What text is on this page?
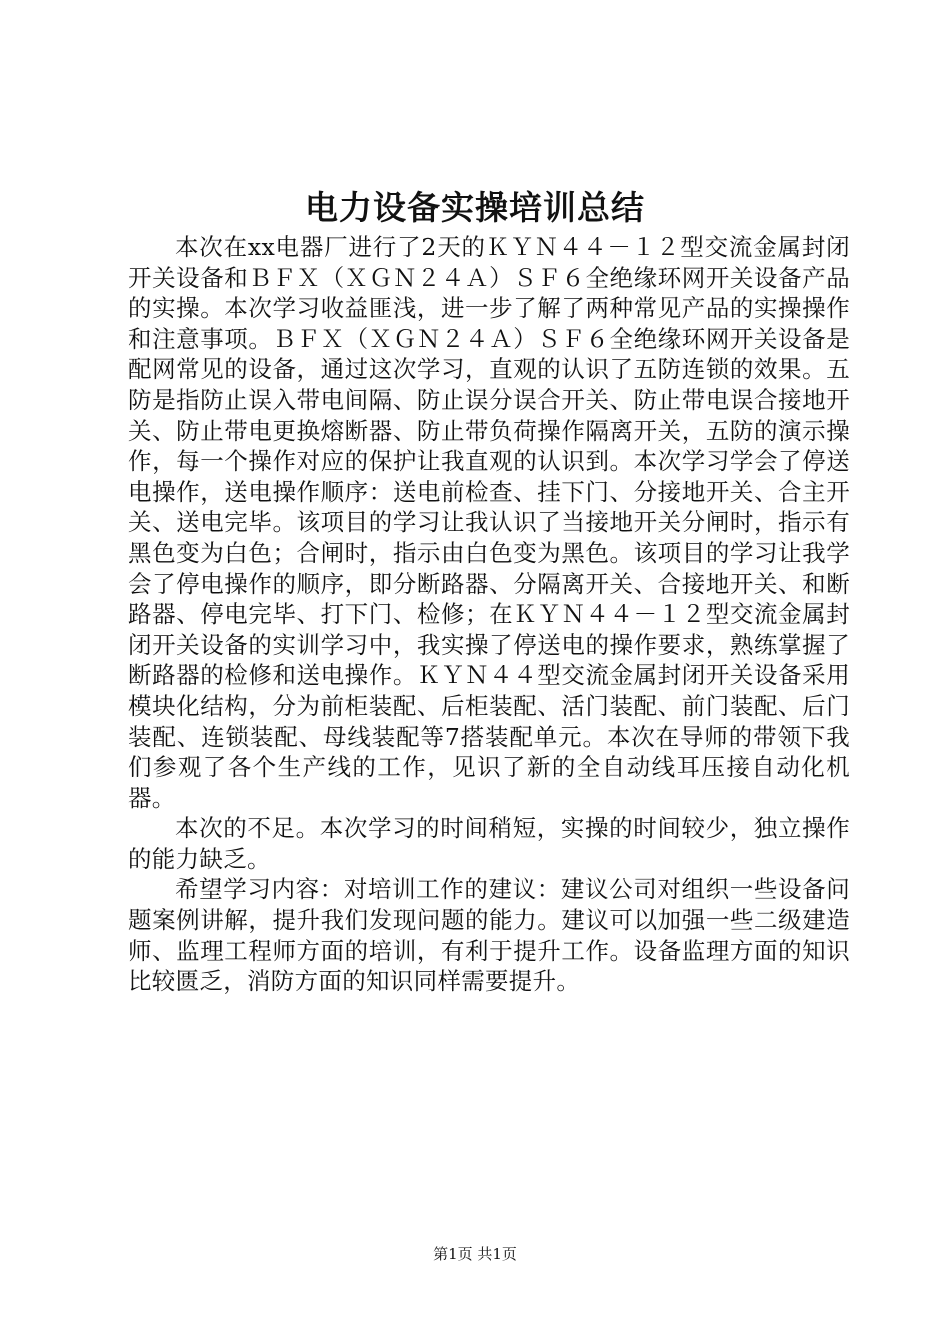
电力设备实操培训总结

本次在xx电器厂进行了2天的ＫＹＮ４４－１２型交流金属封闭开关设备和ＢＦＸ（ＸＧＮ２４Ａ）ＳＦ６全绝缘环网开关设备产品的实操。本次学习收益匪浅，进一步了解了两种常见产品的实操操作和注意事项。ＢＦＸ（ＸＧＮ２４Ａ）ＳＦ６全绝缘环网开关设备是配网常见的设备，通过这次学习，直观的认识了五防连锁的效果。五防是指防止误入带电间隔、防止误分误合开关、防止带电误合接地开关、防止带电更换熔断器、防止带负荷操作隔离开关，五防的演示操作，每一个操作对应的保护让我直观的认识到。本次学习学会了停送电操作，送电操作顺序：送电前检查、挂下门、分接地开关、合主开关、送电完毕。该项目的学习让我认识了当接地开关分闸时，指示有黑色变为白色；合闸时，指示由白色变为黑色。该项目的学习让我学会了停电操作的顺序，即分断路器、分隔离开关、合接地开关、和断路器、停电完毕、打下门、检修；在ＫＹＮ４４－１２型交流金属封闭开关设备的实训学习中，我实操了停送电的操作要求，熟练掌握了断路器的检修和送电操作。ＫＹＮ４４型交流金属封闭开关设备采用模块化结构，分为前柜装配、后柜装配、活门装配、前门装配、后门装配、连锁装配、母线装配等7搭装配单元。本次在导师的带领下我们参观了各个生产线的工作，见识了新的全自动线耳压接自动化机器。

本次的不足。本次学习的时间稍短，实操的时间较少，独立操作的能力缺乏。

希望学习内容：对培训工作的建议：建议公司对组织一些设备问题案例讲解，提升我们发现问题的能力。建议可以加强一些二级建造师、监理工程师方面的培训，有利于提升工作。设备监理方面的知识比较匮乏，消防方面的知识同样需要提升。

第1页 共1页
